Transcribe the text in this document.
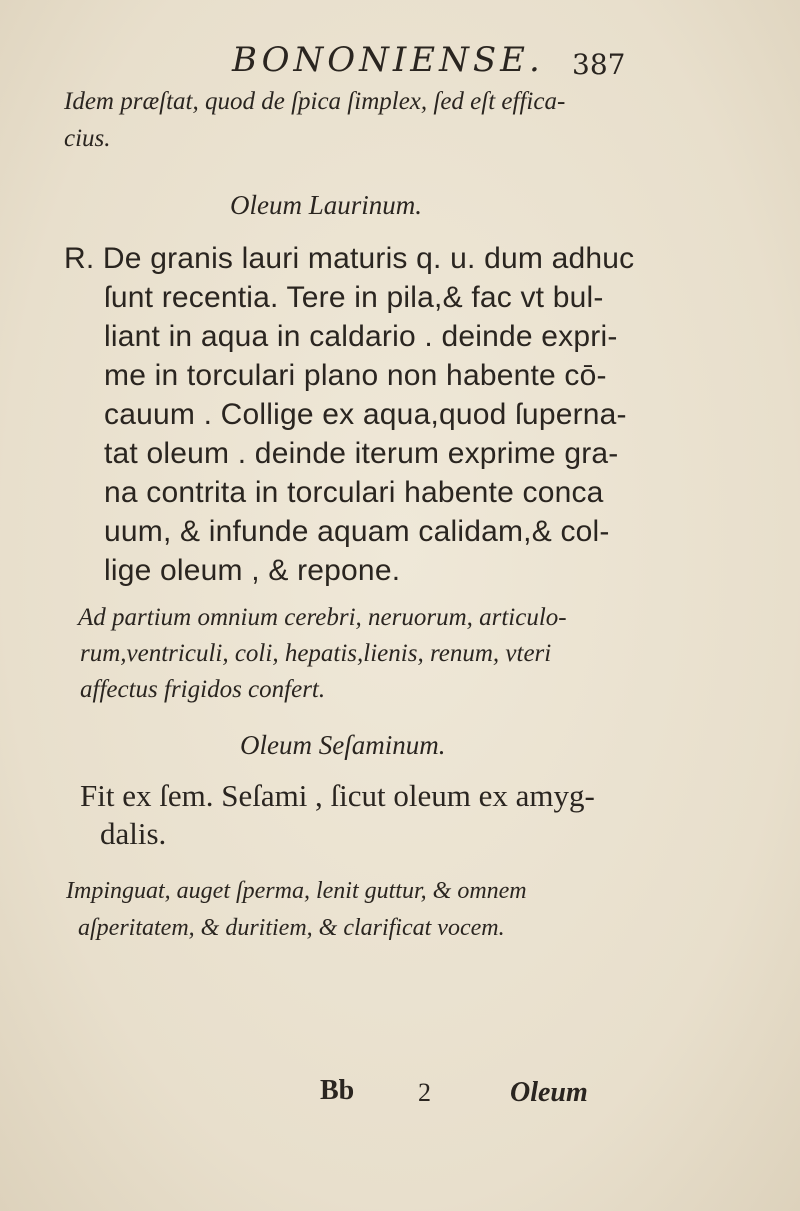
BONONIENSE. 387
Idem præſtat, quod de ſpica ſimplex, ſed eſt effica-
cius.
Oleum Laurinum.
R. De granis lauri maturis q. u. dum adhuc
ſunt recentia. Tere in pila,& fac vt bul-
liant in aqua in caldario . deinde expri-
me in torculari plano non habente cō-
cauum . Collige ex aqua,quod ſuperna-
tat oleum . deinde iterum exprime gra-
na contrita in torculari habente conca
uum, & infunde aquam calidam,& col-
lige oleum , & repone.
Ad partium omnium cerebri, neruorum, articulo-
rum,ventriculi, coli, hepatis,lienis, renum, vteri
affectus frigidos confert.
Oleum Seſaminum.
Fit ex ſem. Seſami , ſicut oleum ex amyg-
dalis.
Impinguat, auget ſperma, lenit guttur, & omnem
aſperitatem, & duritiem, & clarificat vocem.
Bb 2	Oleum
